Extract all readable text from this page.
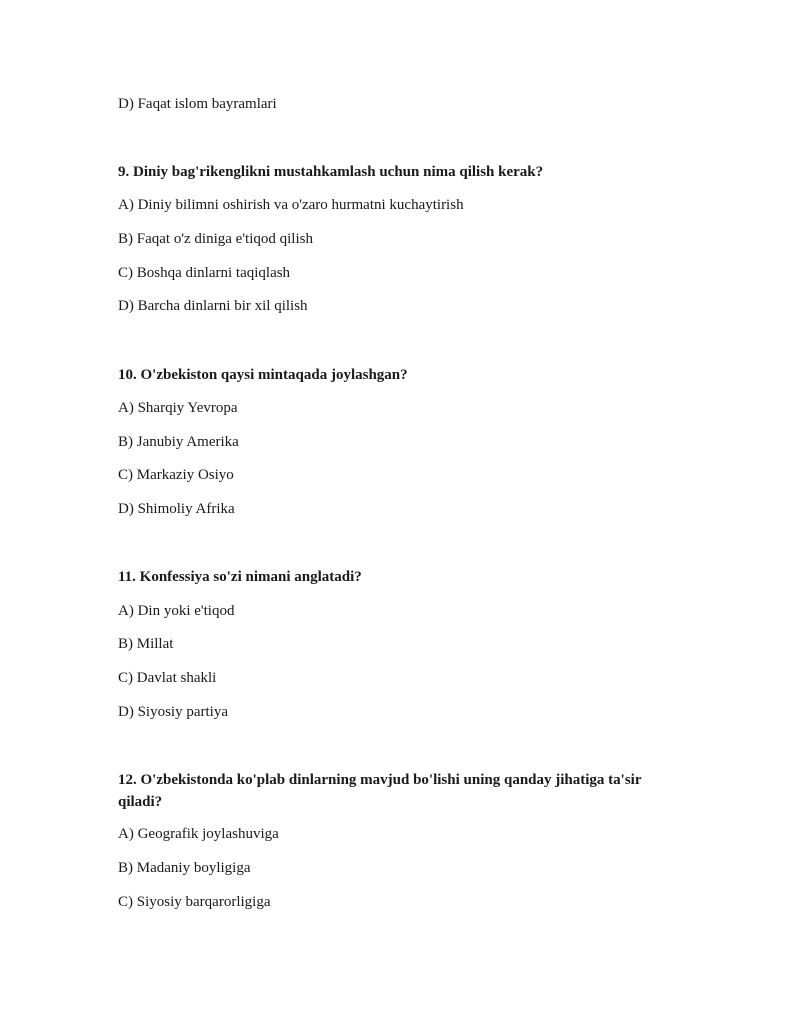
D) Faqat islom bayramlari
9. Diniy bag'rikenglikni mustahkamlash uchun nima qilish kerak?
A) Diniy bilimni oshirish va o'zaro hurmatni kuchaytirish
B) Faqat o'z diniga e'tiqod qilish
C) Boshqa dinlarni taqiqlash
D) Barcha dinlarni bir xil qilish
10. O'zbekiston qaysi mintaqada joylashgan?
A) Sharqiy Yevropa
B) Janubiy Amerika
C) Markaziy Osiyo
D) Shimoliy Afrika
11. Konfessiya so'zi nimani anglatadi?
A) Din yoki e'tiqod
B) Millat
C) Davlat shakli
D) Siyosiy partiya
12. O'zbekistonda ko'plab dinlarning mavjud bo'lishi uning qanday jihatiga ta'sir qiladi?
A) Geografik joylashuviga
B) Madaniy boyligiga
C) Siyosiy barqarorligiga
